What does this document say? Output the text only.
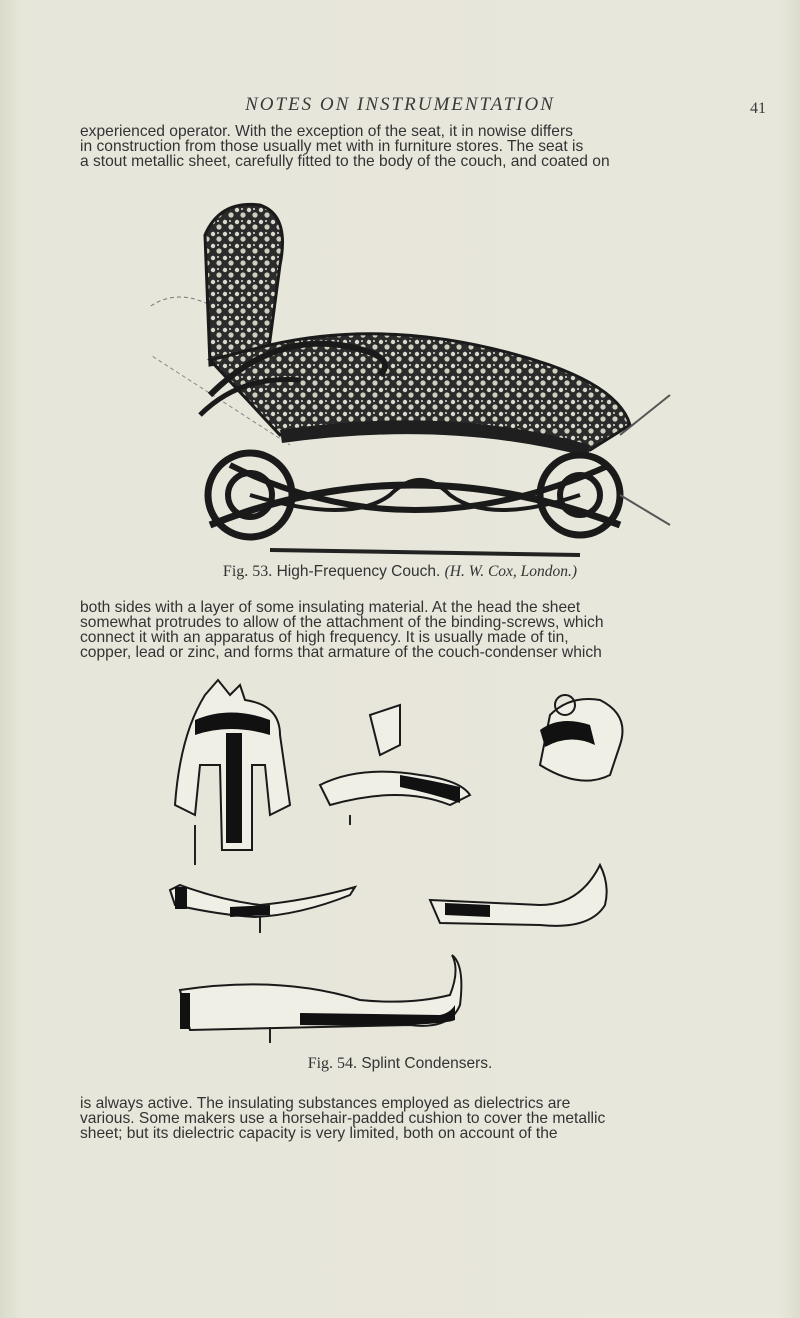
NOTES ON INSTRUMENTATION	41
experienced operator. With the exception of the seat, it in nowise differs
in construction from those usually met with in furniture stores. The seat is
a stout metallic sheet, carefully fitted to the body of the couch, and coated on
Fig. 53. High-Frequency Couch. (H. W. Cox, London.)
both sides with a layer of some insulating material. At the head the sheet
somewhat protrudes to allow of the attachment of the binding-screws, which
connect it with an apparatus of high frequency. It is usually made of tin,
copper, lead or zinc, and forms that armature of the couch-condenser which
Fig. 54. Splint Condensers.
is always active. The insulating substances employed as dielectrics are
various. Some makers use a horsehair-padded cushion to cover the metallic
sheet; but its dielectric capacity is very limited, both on account of the
